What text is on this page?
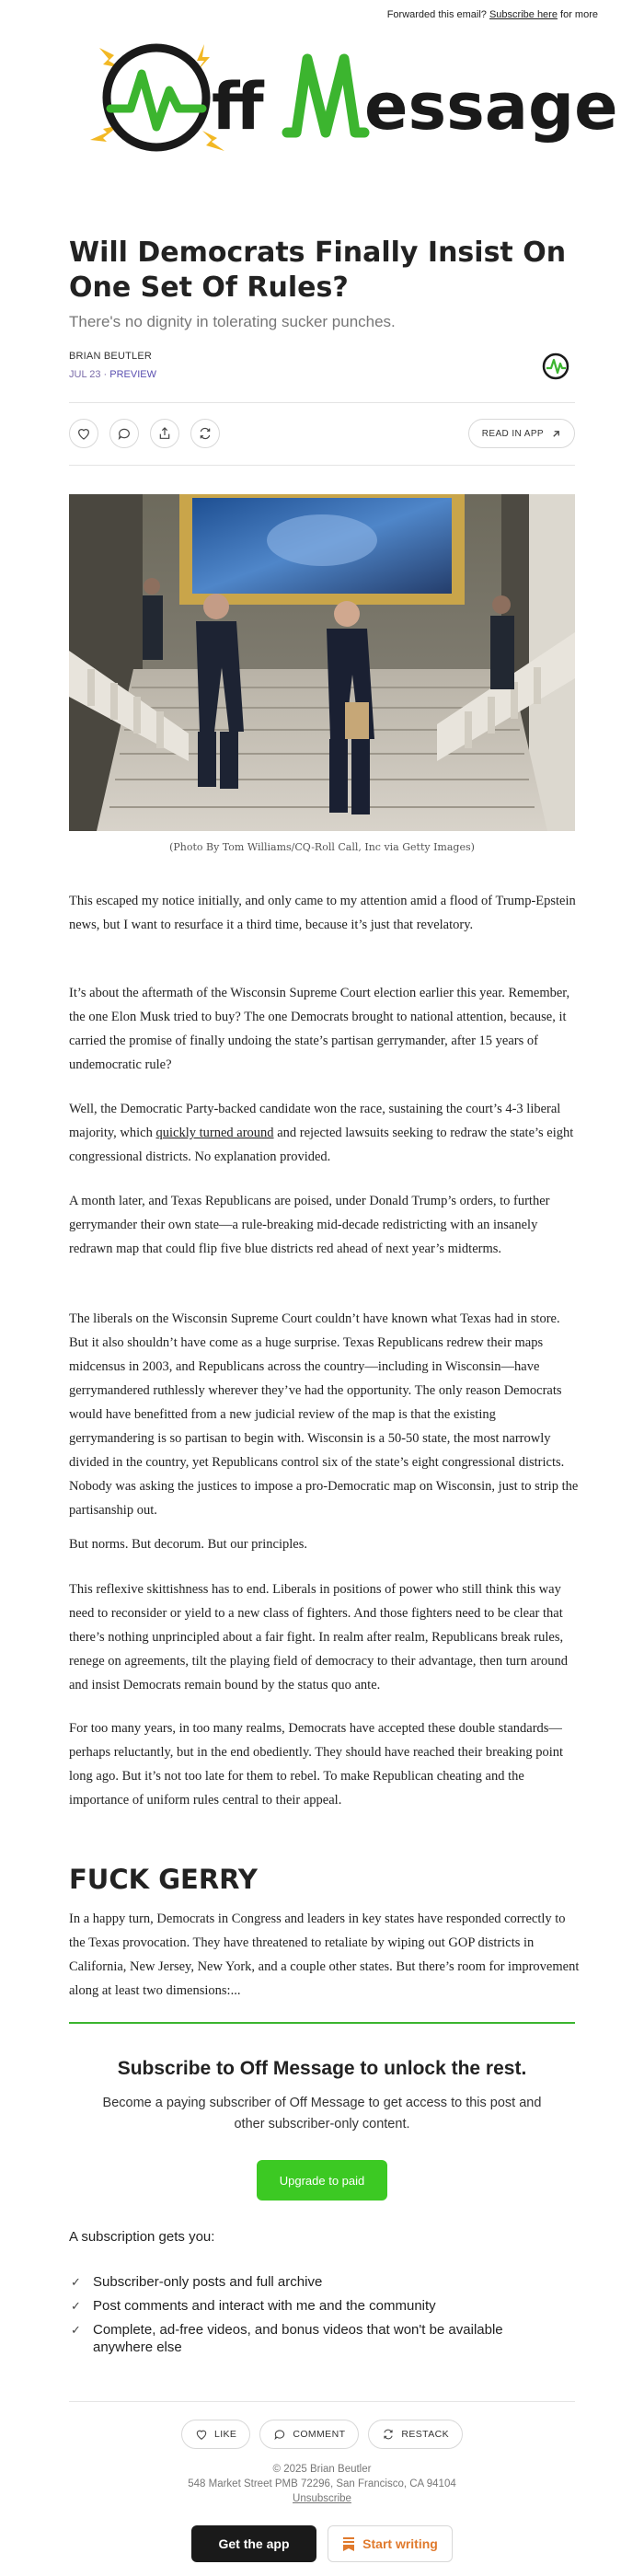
Forwarded this email? Subscribe here for more
ff essage
Will Democrats Finally Insist On One Set Of Rules?
There's no dignity in tolerating sucker punches.
BRIAN BEUTLER
JUL 23 · PREVIEW
READ IN APP
(Photo By Tom Williams/CQ-Roll Call, Inc via Getty Images)
This escaped my notice initially, and only came to my attention amid a flood of Trump-Epstein news, but I want to resurface it a third time, because it’s just that revelatory.
It’s about the aftermath of the Wisconsin Supreme Court election earlier this year. Remember, the one Elon Musk tried to buy? The one Democrats brought to national attention, because, it carried the promise of finally undoing the state’s partisan gerrymander, after 15 years of undemocratic rule?
Well, the Democratic Party-backed candidate won the race, sustaining the court’s 4-3 liberal majority, which quickly turned around and rejected lawsuits seeking to redraw the state’s eight congressional districts. No explanation provided.
A month later, and Texas Republicans are poised, under Donald Trump’s orders, to further gerrymander their own state—a rule-breaking mid-decade redistricting with an insanely redrawn map that could flip five blue districts red ahead of next year’s midterms.
The liberals on the Wisconsin Supreme Court couldn’t have known what Texas had in store. But it also shouldn’t have come as a huge surprise. Texas Republicans redrew their maps midcensus in 2003, and Republicans across the country—including in Wisconsin—have gerrymandered ruthlessly wherever they’ve had the opportunity. The only reason Democrats would have benefitted from a new judicial review of the map is that the existing gerrymandering is so partisan to begin with. Wisconsin is a 50-50 state, the most narrowly divided in the country, yet Republicans control six of the state’s eight congressional districts. Nobody was asking the justices to impose a pro-Democratic map on Wisconsin, just to strip the partisanship out.
But norms. But decorum. But our principles.
This reflexive skittishness has to end. Liberals in positions of power who still think this way need to reconsider or yield to a new class of fighters. And those fighters need to be clear that there’s nothing unprincipled about a fair fight. In realm after realm, Republicans break rules, renege on agreements, tilt the playing field of democracy to their advantage, then turn around and insist Democrats remain bound by the status quo ante.
For too many years, in too many realms, Democrats have accepted these double standards—perhaps reluctantly, but in the end obediently. They should have reached their breaking point long ago. But it’s not too late for them to rebel. To make Republican cheating and the importance of uniform rules central to their appeal.
FUCK GERRY
In a happy turn, Democrats in Congress and leaders in key states have responded correctly to the Texas provocation. They have threatened to retaliate by wiping out GOP districts in California, New Jersey, New York, and a couple other states. But there’s room for improvement along at least two dimensions:...
Subscribe to Off Message to unlock the rest.
Become a paying subscriber of Off Message to get access to this post and other subscriber-only content.
Upgrade to paid
A subscription gets you:
✓ Subscriber-only posts and full archive
✓ Post comments and interact with me and the community
✓ Complete, ad-free videos, and bonus videos that won't be available anywhere else
LIKE	COMMENT	RESTACK
© 2025 Brian Beutler
548 Market Street PMB 72296, San Francisco, CA 94104
Unsubscribe
Get the app	Start writing
